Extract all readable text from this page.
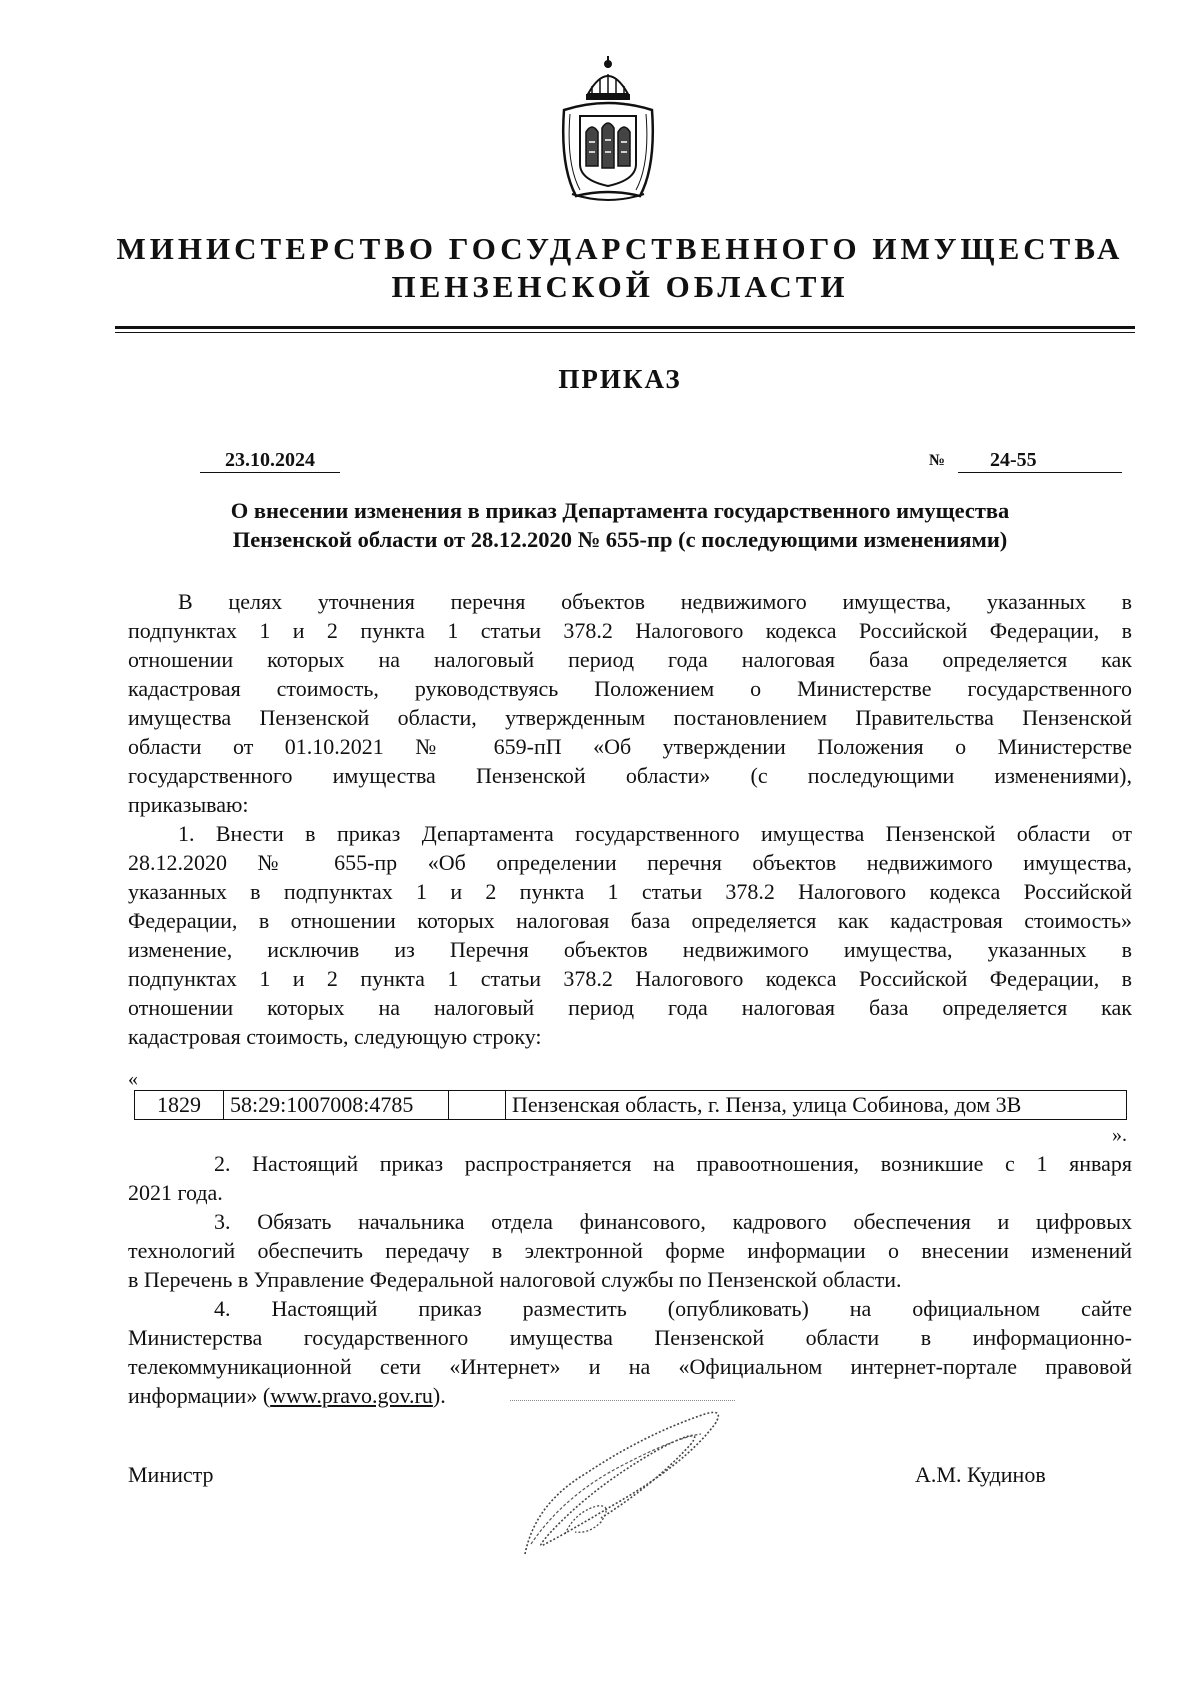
МИНИСТЕРСТВО ГОСУДАРСТВЕННОГО ИМУЩЕСТВА
ПЕНЗЕНСКОЙ ОБЛАСТИ
ПРИКАЗ
23.10.2024	№	24-55
О внесении изменения в приказ Департамента государственного имущества
Пензенской области от 28.12.2020 № 655-пр (с последующими изменениями)
В целях уточнения перечня объектов недвижимого имущества, указанных в
подпунктах 1 и 2 пункта 1 статьи 378.2 Налогового кодекса Российской Федерации, в
отношении которых на налоговый период года налоговая база определяется как
кадастровая стоимость, руководствуясь Положением о Министерстве государственного
имущества Пензенской области, утвержденным постановлением Правительства Пензенской
области от 01.10.2021 № 659-пП «Об утверждении Положения о Министерстве
государственного имущества Пензенской области» (с последующими изменениями),
приказываю:
1. Внести в приказ Департамента государственного имущества Пензенской области от
28.12.2020 № 655-пр «Об определении перечня объектов недвижимого имущества,
указанных в подпунктах 1 и 2 пункта 1 статьи 378.2 Налогового кодекса Российской
Федерации, в отношении которых налоговая база определяется как кадастровая стоимость»
изменение, исключив из Перечня объектов недвижимого имущества, указанных в
подпунктах 1 и 2 пункта 1 статьи 378.2 Налогового кодекса Российской Федерации, в
отношении которых на налоговый период года налоговая база определяется как
кадастровая стоимость, следующую строку:
«
1829	58:29:1007008:4785		Пензенская область, г. Пенза, улица Собинова, дом 3В
».
2. Настоящий приказ распространяется на правоотношения, возникшие с 1 января
2021 года.
3. Обязать начальника отдела финансового, кадрового обеспечения и цифровых
технологий обеспечить передачу в электронной форме информации о внесении изменений
в Перечень в Управление Федеральной налоговой службы по Пензенской области.
4. Настоящий приказ разместить (опубликовать) на официальном сайте
Министерства государственного имущества Пензенской области в информационно-
телекоммуникационной сети «Интернет» и на «Официальном интернет-портале правовой
информации» (www.pravo.gov.ru).
Министр	А.М. Кудинов
